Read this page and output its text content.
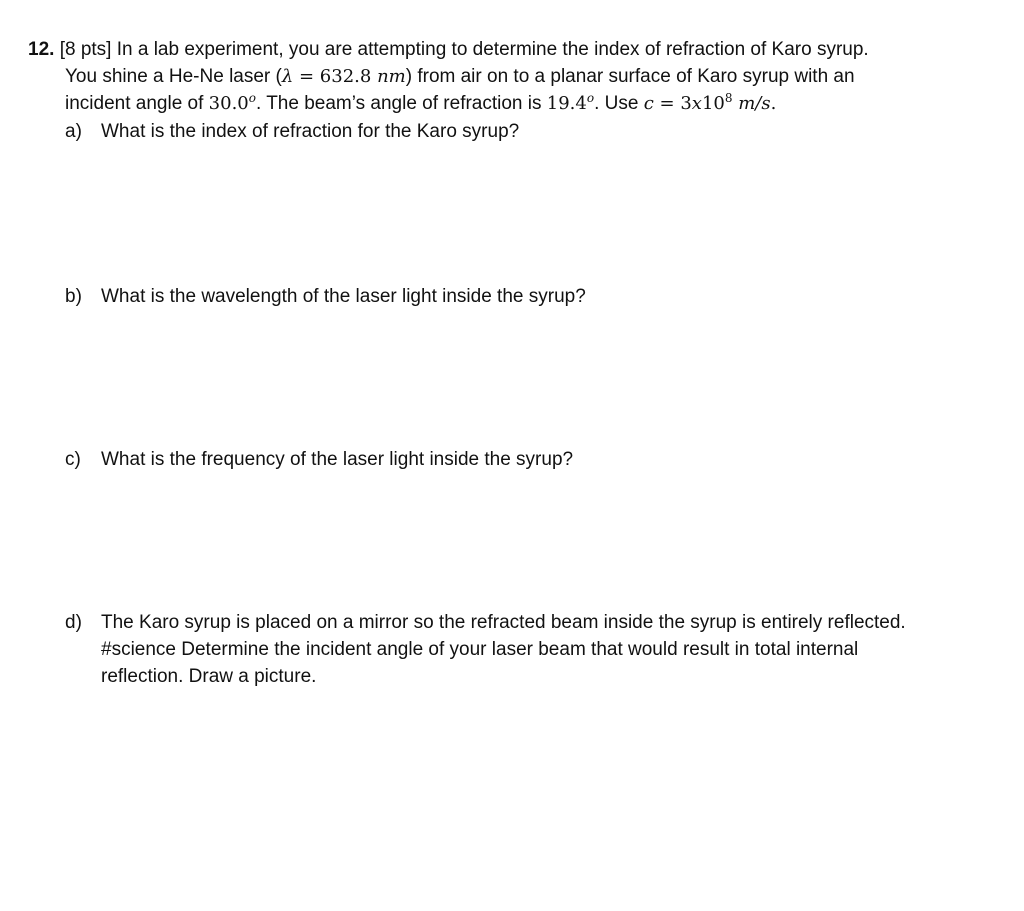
12. [8 pts] In a lab experiment, you are attempting to determine the index of refraction of Karo syrup.
You shine a He-Ne laser (λ = 632.8 nm) from air on to a planar surface of Karo syrup with an
incident angle of 30.0$^o$. The beam’s angle of refraction is 19.4$^o$. Use $c = 3x10^8$ m/s.
a) What is the index of refraction for the Karo syrup?
b) What is the wavelength of the laser light inside the syrup?
c) What is the frequency of the laser light inside the syrup?
d) The Karo syrup is placed on a mirror so the refracted beam inside the syrup is entirely reflected.
#science Determine the incident angle of your laser beam that would result in total internal
reflection. Draw a picture.
